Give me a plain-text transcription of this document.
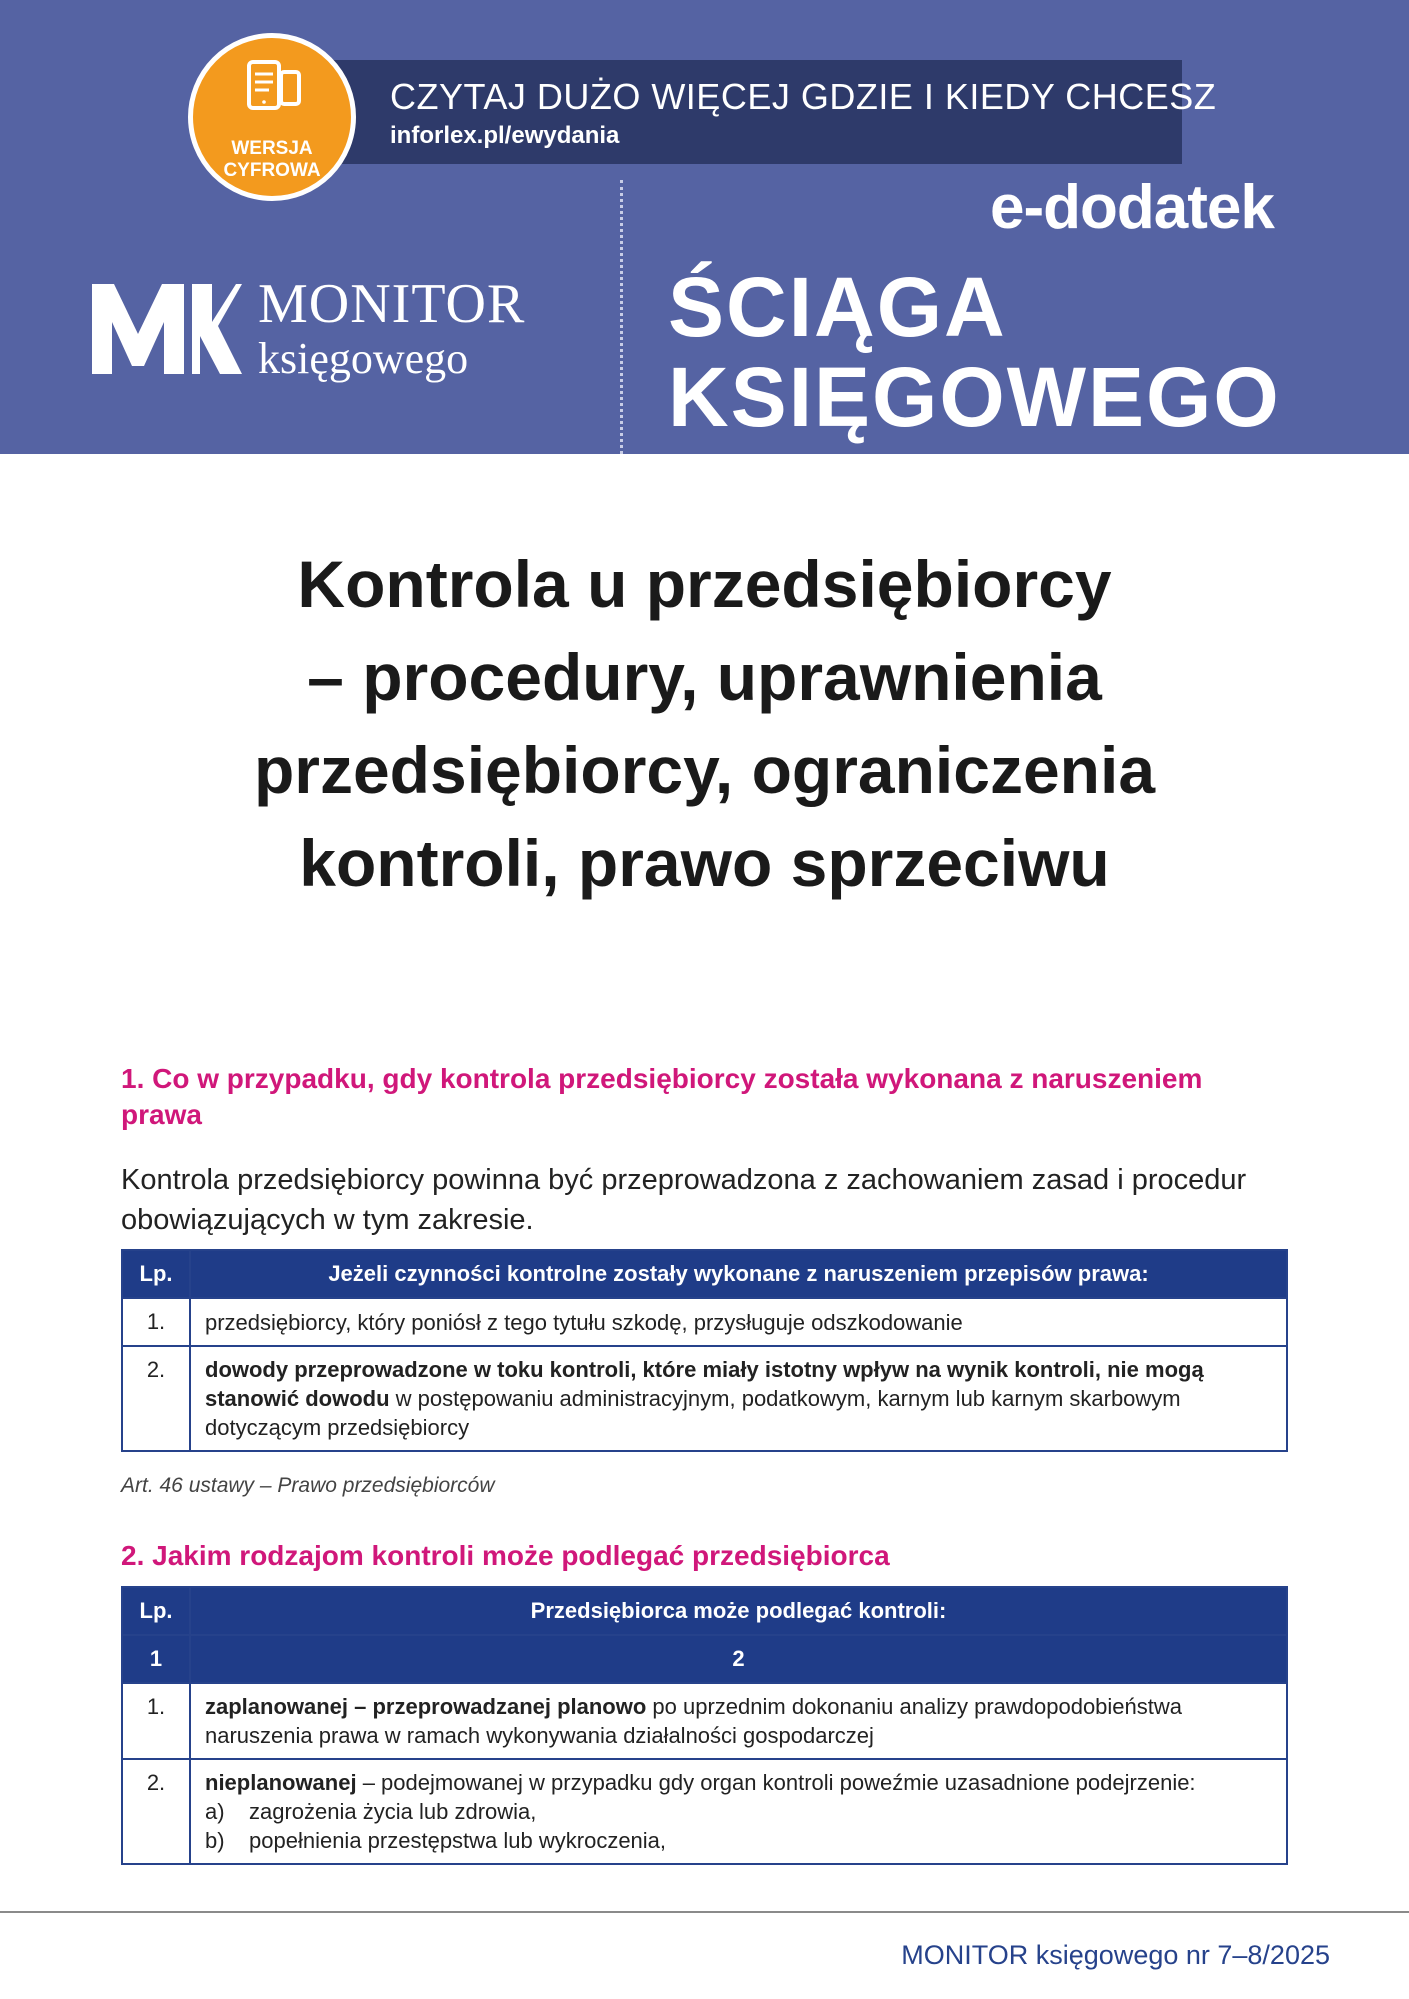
CZYTAJ DUŻO WIĘCEJ GDZIE I KIEDY CHCESZ
inforlex.pl/ewydania
WERSJA
CYFROWA
e-dodatek
ŚCIĄGA
KSIĘGOWEGO
MONITOR
księgowego
Kontrola u przedsiębiorcy
– procedury, uprawnienia
przedsiębiorcy, ograniczenia
kontroli, prawo sprzeciwu
1. Co w przypadku, gdy kontrola przedsiębiorcy została wykonana z naruszeniem
prawa
Kontrola przedsiębiorcy powinna być przeprowadzona z zachowaniem zasad i procedur
obowiązujących w tym zakresie.
Lp.	Jeżeli czynności kontrolne zostały wykonane z naruszeniem przepisów prawa:
1.	przedsiębiorcy, który poniósł z tego tytułu szkodę, przysługuje odszkodowanie
2.	dowody przeprowadzone w toku kontroli, które miały istotny wpływ na wynik kontroli, nie mogą
stanowić dowodu w postępowaniu administracyjnym, podatkowym, karnym lub karnym skarbowym
dotyczącym przedsiębiorcy
Art. 46 ustawy – Prawo przedsiębiorców
2. Jakim rodzajom kontroli może podlegać przedsiębiorca
Lp.	Przedsiębiorca może podlegać kontroli:
1	2
1.	zaplanowanej – przeprowadzanej planowo po uprzednim dokonaniu analizy prawdopodobieństwa
naruszenia prawa w ramach wykonywania działalności gospodarczej

2.	nieplanowanej – podejmowanej w przypadku gdy organ kontroli poweźmie uzasadnione podejrzenie:
a)    zagrożenia życia lub zdrowia,
b)    popełnienia przestępstwa lub wykroczenia,
MONITOR księgowego nr 7–8/2025
